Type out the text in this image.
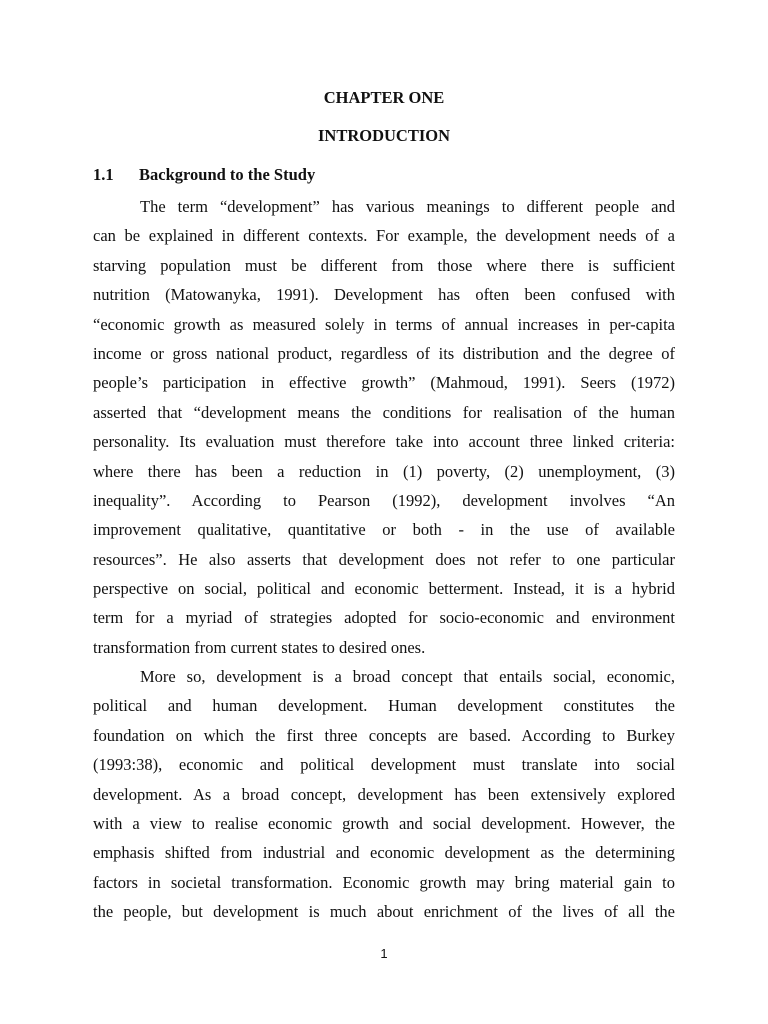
CHAPTER ONE
INTRODUCTION
1.1 Background to the Study
The term “development” has various meanings to different people and
can be explained in different contexts. For example, the development needs of a
starving population must be different from those where there is sufficient
nutrition (Matowanyka, 1991). Development has often been confused with
“economic growth as measured solely in terms of annual increases in per-capita
income or gross national product, regardless of its distribution and the degree of
people’s participation in effective growth” (Mahmoud, 1991). Seers (1972)
asserted that “development means the conditions for realisation of the human
personality. Its evaluation must therefore take into account three linked criteria:
where there has been a reduction in (1) poverty, (2) unemployment, (3)
inequality”. According to Pearson (1992), development involves “An
improvement qualitative, quantitative or both - in the use of available
resources”. He also asserts that development does not refer to one particular
perspective on social, political and economic betterment. Instead, it is a hybrid
term for a myriad of strategies adopted for socio-economic and environment
transformation from current states to desired ones.
More so, development is a broad concept that entails social, economic,
political and human development. Human development constitutes the
foundation on which the first three concepts are based. According to Burkey
(1993:38), economic and political development must translate into social
development. As a broad concept, development has been extensively explored
with a view to realise economic growth and social development. However, the
emphasis shifted from industrial and economic development as the determining
factors in societal transformation. Economic growth may bring material gain to
the people, but development is much about enrichment of the lives of all the
1
